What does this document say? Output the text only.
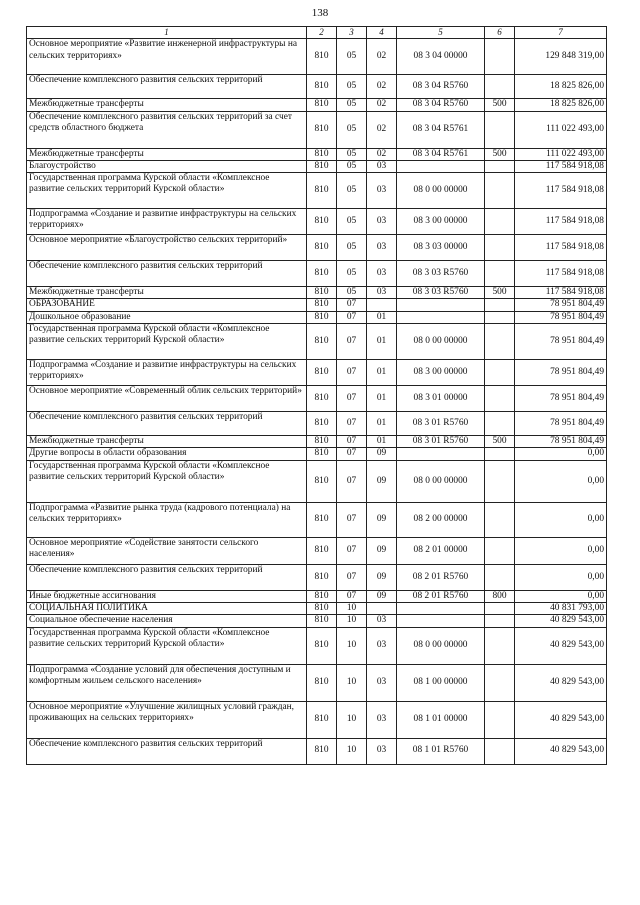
138
1	2	3	4	5	6	7
Основное мероприятие «Развитие инженерной инфраструктуры на сельских территориях»	810	05	02	08 3 04 00000		129 848 319,00
Обеспечение комплексного развития сельских территорий	810	05	02	08 3 04 R5760		18 825 826,00
Межбюджетные трансферты	810	05	02	08 3 04 R5760	500	18 825 826,00
Обеспечение комплексного развития сельских территорий за счет средств областного бюджета	810	05	02	08 3 04 R5761		111 022 493,00
Межбюджетные трансферты	810	05	02	08 3 04 R5761	500	111 022 493,00
Благоустройство	810	05	03			117 584 918,08
Государственная программа Курской области «Комплексное развитие сельских территорий Курской области»	810	05	03	08 0 00 00000		117 584 918,08
Подпрограмма «Создание и развитие инфраструктуры на сельских территориях»	810	05	03	08 3 00 00000		117 584 918,08
Основное мероприятие «Благоустройство сельских территорий»	810	05	03	08 3 03 00000		117 584 918,08
Обеспечение комплексного развития сельских территорий	810	05	03	08 3 03 R5760		117 584 918,08
Межбюджетные трансферты	810	05	03	08 3 03 R5760	500	117 584 918,08
ОБРАЗОВАНИЕ	810	07				78 951 804,49
Дошкольное образование	810	07	01			78 951 804,49
Государственная программа Курской области «Комплексное развитие сельских территорий Курской области»	810	07	01	08 0 00 00000		78 951 804,49
Подпрограмма «Создание и развитие инфраструктуры на сельских территориях»	810	07	01	08 3 00 00000		78 951 804,49
Основное мероприятие «Современный облик сельских территорий»	810	07	01	08 3 01 00000		78 951 804,49
Обеспечение комплексного развития сельских территорий	810	07	01	08 3 01 R5760		78 951 804,49
Межбюджетные трансферты	810	07	01	08 3 01 R5760	500	78 951 804,49
Другие вопросы в области образования	810	07	09			0,00
Государственная программа Курской области «Комплексное развитие сельских территорий Курской области»	810	07	09	08 0 00 00000		0,00
Подпрограмма «Развитие рынка труда (кадрового потенциала) на сельских территориях»	810	07	09	08 2 00 00000		0,00
Основное мероприятие «Содействие занятости сельского населения»	810	07	09	08 2 01 00000		0,00
Обеспечение комплексного развития сельских территорий	810	07	09	08 2 01 R5760		0,00
Иные бюджетные ассигнования	810	07	09	08 2 01 R5760	800	0,00
СОЦИАЛЬНАЯ ПОЛИТИКА	810	10				40 831 793,00
Социальное обеспечение населения	810	10	03			40 829 543,00
Государственная программа Курской области «Комплексное развитие сельских территорий Курской области»	810	10	03	08 0 00 00000		40 829 543,00
Подпрограмма «Создание условий для обеспечения доступным и комфортным жильем сельского населения»	810	10	03	08 1 00 00000		40 829 543,00
Основное мероприятие «Улучшение жилищных условий граждан, проживающих на сельских территориях»	810	10	03	08 1 01 00000		40 829 543,00
Обеспечение комплексного развития сельских территорий	810	10	03	08 1 01 R5760		40 829 543,00
